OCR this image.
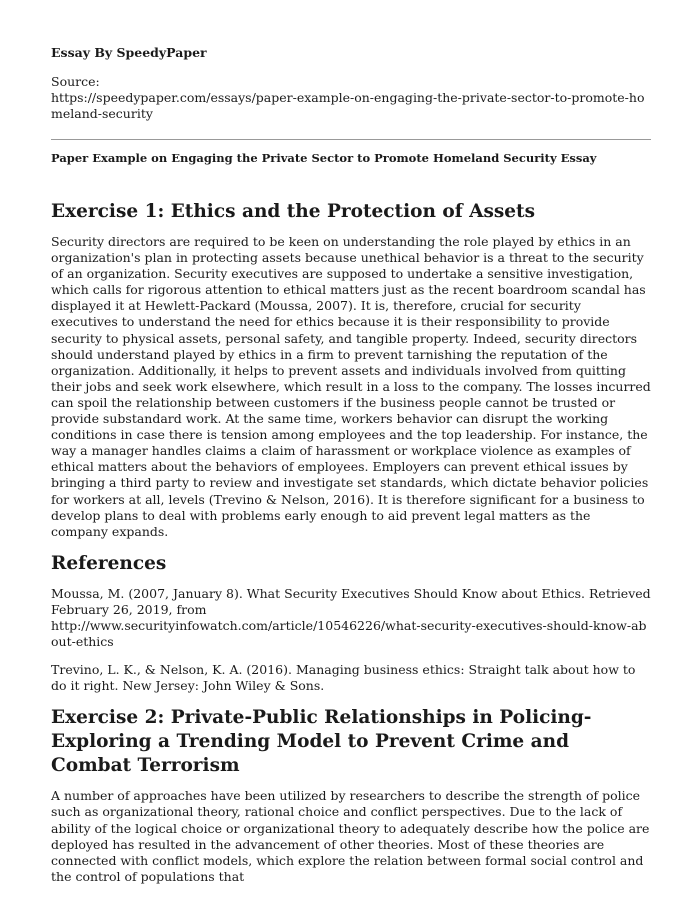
Essay By SpeedyPaper
Source:
https://speedypaper.com/essays/paper-example-on-engaging-the-private-sector-to-promote-homeland-security
Paper Example on Engaging the Private Sector to Promote Homeland Security Essay
Exercise 1: Ethics and the Protection of Assets

Security directors are required to be keen on understanding the role played by ethics in an organization's plan in protecting assets because unethical behavior is a threat to the security of an organization. Security executives are supposed to undertake a sensitive investigation, which calls for rigorous attention to ethical matters just as the recent boardroom scandal has displayed it at Hewlett-Packard (Moussa, 2007). It is, therefore, crucial for security executives to understand the need for ethics because it is their responsibility to provide security to physical assets, personal safety, and tangible property. Indeed, security directors should understand played by ethics in a firm to prevent tarnishing the reputation of the organization. Additionally, it helps to prevent assets and individuals involved from quitting their jobs and seek work elsewhere, which result in a loss to the company. The losses incurred can spoil the relationship between customers if the business people cannot be trusted or provide substandard work. At the same time, workers behavior can disrupt the working conditions in case there is tension among employees and the top leadership. For instance, the way a manager handles claims a claim of harassment or workplace violence as examples of ethical matters about the behaviors of employees. Employers can prevent ethical issues by bringing a third party to review and investigate set standards, which dictate behavior policies for workers at all, levels (Trevino & Nelson, 2016). It is therefore significant for a business to develop plans to deal with problems early enough to aid prevent legal matters as the company expands.

References

Moussa, M. (2007, January 8). What Security Executives Should Know about Ethics. Retrieved February 26, 2019, from
http://www.securityinfowatch.com/article/10546226/what-security-executives-should-know-about-ethics

Trevino, L. K., & Nelson, K. A. (2016). Managing business ethics: Straight talk about how to do it right. New Jersey: John Wiley & Sons.

Exercise 2: Private-Public Relationships in Policing-Exploring a Trending Model to Prevent Crime and Combat Terrorism

A number of approaches have been utilized by researchers to describe the strength of police such as organizational theory, rational choice and conflict perspectives. Due to the lack of ability of the logical choice or organizational theory to adequately describe how the police are deployed has resulted in the advancement of other theories. Most of these theories are connected with conflict models, which explore the relation between formal social control and the control of populations that
